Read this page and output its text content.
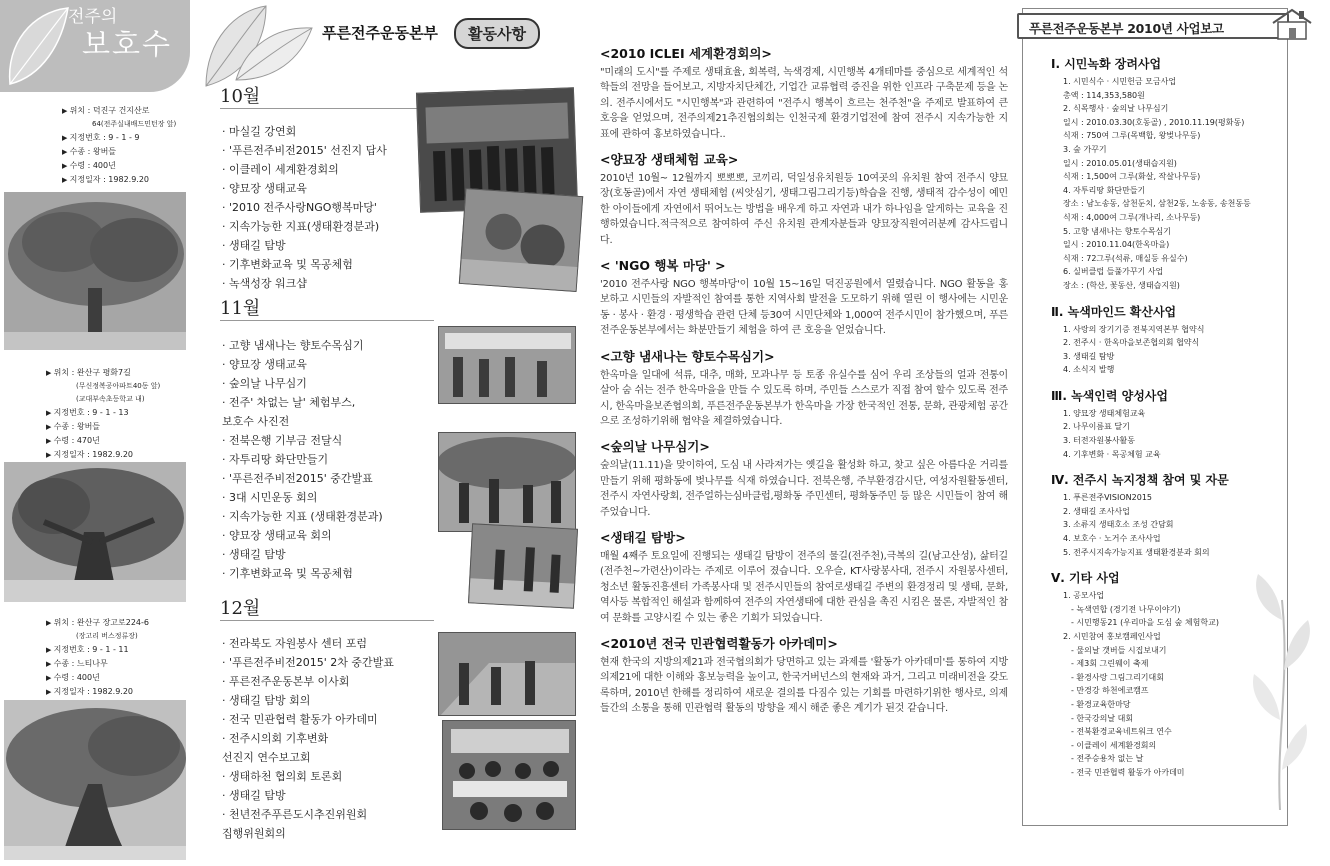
전주의
보호수
▶ 위치 : 덕진구 건지산로
64(전주실내배드민턴장 앞)
▶ 지정번호 : 9 - 1 - 9
▶ 수종 : 왕버들
▶ 수령 : 400년
▶ 지정일자 : 1982.9.20
▶ 위치 : 완산구 평화7길
(무신정복공아파트40동 앞)
(교대부속초등학교 내)
▶ 지정번호 : 9 - 1 - 13
▶ 수종 : 왕버들
▶ 수령 : 470년
▶ 지정일자 : 1982.9.20
▶ 위치 : 완산구 장고로224-6
(장고리 버스정류장)
▶ 지정번호 : 9 - 1 - 11
▶ 수종 : 느티나무
▶ 수령 : 400년
▶ 지정일자 : 1982.9.20
푸른전주운동본부	활동사항
10월
· 마실길 강연회
· '푸른전주비전2015' 선진지 답사
· 이클레이 세계환경회의
· 양묘장 생태교육
· '2010 전주사랑NGO행복마당'
· 지속가능한 지표(생태환경분과)
· 생태길 탐방
· 기후변화교육 및 목공체험
· 녹색성장 워크샵
11월
· 고향 냄새나는 향토수목심기
· 양묘장 생태교육
· 숲의날 나무심기
· 전주' 차없는 날' 체험부스,
보호수 사진전
· 전북은행 기부금 전달식
· 자투리땅 화단만들기
· '푸른전주비전2015' 중간발표
· 3대 시민운동 회의
· 지속가능한 지표 (생태환경분과)
· 양묘장 생태교육 회의
· 생태길 탐방
· 기후변화교육 및 목공체험
12월
· 전라북도 자원봉사 센터 포럼
· '푸른전주비전2015' 2차 중간발표
· 푸른전주운동본부 이사회
· 생태길 탐방 회의
· 전국 민관협력 활동가 아카데미
· 전주시의회 기후변화
선진지 연수보고회
· 생태하천 협의회 토론회
· 생태길 탐방
· 천년전주푸른도시추진위원회
집행위원회의
<2010 ICLEI 세계환경회의>

"미래의 도시"를 주제로 생태효율, 회복력, 녹색경제, 시민행복 4개테마를 중심으로 세계적인 석학들의 전망을 들어보고, 지방자치단체간, 기업간 교류협력 증진을 위한 인프라 구축문제 등을 논의. 전주시에서도 "시민행복"과 관련하여 "전주시 행복이 흐르는 천주천"을 주제로 발표하여 큰 호응을 얻었으며, 전주의제21추진협의회는 인천국제 환경기업전에 참여 전주시 지속가능한 지표에 관하여 홍보하였습니다..

<양묘장 생태체험 교육>

2010년 10월~ 12월까지 뽀뽀뽀, 코끼리, 덕일성유치원등 10여곳의 유치원 참여 전주시 양묘장(호동골)에서 자연 생태체험 (씨앗심기, 생태그림그리기등)학습을 진행, 생태적 감수성이 예민한 아이들에게 자연에서 뛰어노는 방법을 배우게 하고 자연과 내가 하나임을 알게하는 교육을 진행하였습니다.적극적으로 참여하여 주신 유치원 관계자분들과 양묘장직원여러분께 감사드립니다.

< 'NGO 행복 마당' >

'2010 전주사랑 NGO 행복마당'이 10월 15~16일 덕진공원에서 열렸습니다. NGO 활동을 홍보하고 시민들의 자발적인 참여를 통한 지역사회 발전을 도모하기 위해 열린 이 행사에는 시민운동 · 봉사 · 환경 · 평생학습 관련 단체 등30여 시민단체와 1,000여 전주시민이 참가했으며, 푸른전주운동본부에서는 화분만들기 체험을 하여 큰 호응을 얻었습니다.

<고향 냄새나는 향토수목심기>

한옥마을 일대에 석류, 대추, 매화, 모과나무 등 토종 유실수를 심어 우리 조상들의 얼과 전통이 살아 숨 쉬는 전주 한옥마을을 만들 수 있도록 하며, 주민들 스스로가 직접 참여 할수 있도록 전주시, 한옥마을보존협의회, 푸른전주운동본부가 한옥마을 가장 한국적인 전통, 문화, 관광체험 공간으로 조성하기위해 협약을 체결하였습니다.

<숲의날 나무심기>

숲의날(11.11)을 맞이하여, 도심 내 사라져가는 옛길을 활성화 하고, 찾고 싶은 아름다운 거리를 만들기 위해 평화동에 벚나무를 식재 하였습니다. 전북은행, 주부환경감시단, 여성자원활동센터, 전주시 자연사랑회, 전주얼하는심바클럽,평화동 주민센터, 평화동주민 등 많은 시민들이 참여 해 주었습니다.

<생태길 탐방>

매월 4째주 토요일에 진행되는 생태길 탐방이 전주의 물길(전주천),극복의 길(남고산성), 삶터길(전주천~가련산)이라는 주제로 이루어 졌습니다. 오우슬, KT사랑봉사대, 전주시 자원봉사센터, 청소년 활동진흥센터 가족봉사대 및 전주시민들의 참여로생태길 주변의 환경정리 및 생태, 문화, 역사등 복합적인 해설과 함께하여 전주의 자연생태에 대한 관심을 촉진 시킴은 물론, 자발적인 참여 문화를 고양시킬 수 있는 좋은 기회가 되었습니다.

<2010년 전국 민관협력활동가 아카데미>

현재 한국의 지방의제21과 전국협의회가 당면하고 있는 과제를 '활동가 아카데미'를 통하여 지방의제21에 대한 이해와 홍보능력을 높이고, 한국거버넌스의 현재와 과거, 그리고 미래비전을 갖도록하며, 2010년 한해를 정리하여 새로운 결의를 다짐수 있는 기회를 마련하기위한 행사로, 의제들간의 소통을 통해 민관협력 활동의 방향을 제시 해준 좋은 계기가 된것 같습니다.

푸른전주운동본부 2010년 사업보고
Ⅰ. 시민녹화 장려사업
1. 시민식수 · 시민헌금 모금사업
총액 : 114,353,580원
2. 식목행사 · 숲의날 나무심기
일시 : 2010.03.30(호동골) , 2010.11.19(평화동)
식재 : 750여 그루(목백합, 왕벚나무등)
3. 숲 가꾸기
일시 : 2010.05.01(생태습지원)
식재 : 1,500여 그루(화살, 작살나무등)
4. 자투리땅 화단만들기
장소 : 남노송동, 삼천둔치, 삼천2동, 노송동, 송천동등
식재 : 4,000여 그루(개나리, 소나무등)
5. 고향 냄새나는 향토수목심기
일시 : 2010.11.04(한옥마을)
식재 : 72그루(석류, 매실등 유실수)
6. 실버클럽 들풀가꾸기 사업
장소 : (학산, 꽃동산, 생태습지원)
Ⅱ. 녹색마인드 확산사업
1. 사랑의 장기기증 전북지역본부 협약식
2. 전주시 · 한옥마을보존협의회 협약식
3. 생태길 탐방
4. 소식지 발행
Ⅲ. 녹색인력 양성사업
1. 양묘장 생태체험교육
2. 나무이름표 달기
3. 터전자원봉사활동
4. 기후변화 · 목공체험 교육
Ⅳ. 전주시 녹지정책 참여 및 자문
1. 푸른전주VISION2015
2. 생태길 조사사업
3. 소류지 생태호소 조성 간담회
4. 보호수 · 노거수 조사사업
5. 전주시지속가능지표 생태환경분과 회의
Ⅴ. 기타 사업
1. 공모사업
- 녹색연합 (경기전 나무이야기)
- 시민행동21 (우리마을 도심 숲 체험학교)
2. 시민참여 홍보캠페인사업
- 물의날 갯버들 시집보내기
- 제3회 그린웨이 축제
- 환경사랑 그림그리기대회
- 만경강 하천에코캠프
- 환경교육한마당
- 한국강의날 대회
- 전북환경교육네트워크 연수
- 이클레이 세계환경회의
- 전주승용차 없는 날
- 전국 민관협력 활동가 아카데미
